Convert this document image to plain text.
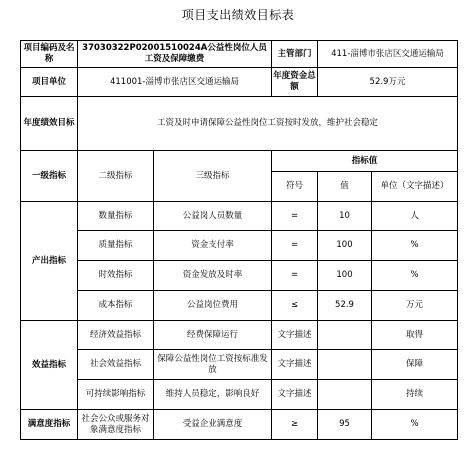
项目支出绩效目标表
项目编码及名称	37030322P02001510024A公益性岗位人员工资及保障缴费		主管部门	411-淄博市张店区交通运输局	
项目单位	411001-淄博市张店区交通运输局		年度资金总额	52.9万元	
年度绩效目标	工资及时申请保障公益性岗位工资按时发放，维护社会稳定				
一级指标	二级指标	三级指标	指标值		
			符号	值	单位（文字描述）
产出指标	数量指标	公益岗人员数量	=	10	人
	质量指标	资金支付率	=	100	%
	时效指标	资金发放及时率	=	100	%
	成本指标	公益岗位费用	≤	52.9	万元
效益指标	经济效益指标	经费保障运行	文字描述		取得
	社会效益指标	保障公益性岗位工资按标准发放	文字描述		保障
	可持续影响指标	维持人员稳定，影响良好	文字描述		持续
满意度指标	社会公众或服务对象满意度指标	受益企业满意度	≥	95	%
